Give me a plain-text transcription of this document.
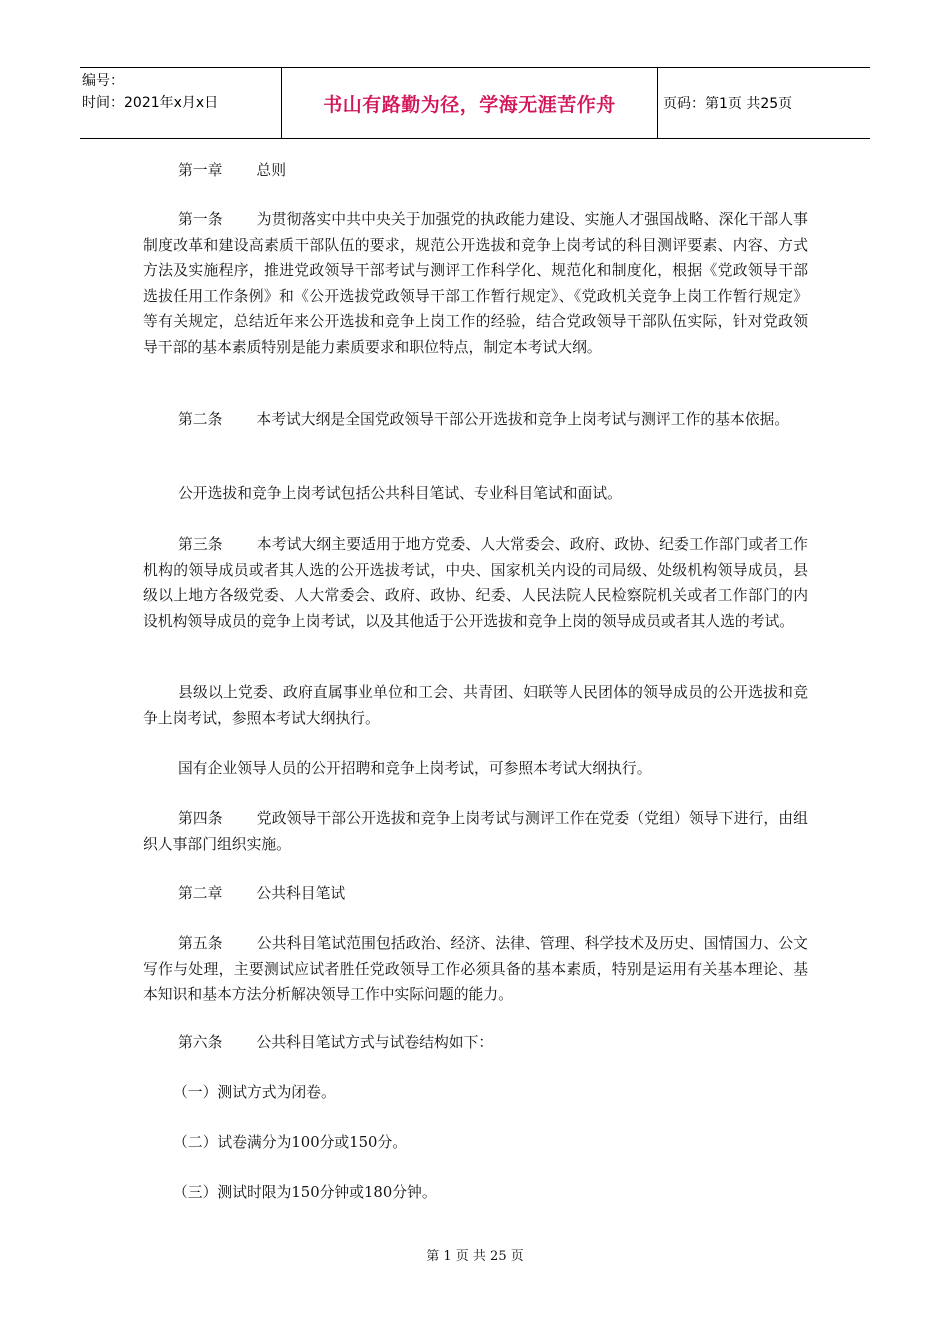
编号：
时间：2021年x月x日	书山有路勤为径，学海无涯苦作舟	页码：第1页 共25页

第一章 总则

第一条 为贯彻落实中共中央关于加强党的执政能力建设、实施人才强国战略、深化干部人事制度改革和建设高素质干部队伍的要求，规范公开选拔和竞争上岗考试的科目测评要素、内容、方式方法及实施程序，推进党政领导干部考试与测评工作科学化、规范化和制度化，根据《党政领导干部选拔任用工作条例》和《公开选拔党政领导干部工作暂行规定》、《党政机关竞争上岗工作暂行规定》等有关规定，总结近年来公开选拔和竞争上岗工作的经验，结合党政领导干部队伍实际，针对党政领导干部的基本素质特别是能力素质要求和职位特点，制定本考试大纲。

第二条 本考试大纲是全国党政领导干部公开选拔和竞争上岗考试与测评工作的基本依据。

公开选拔和竞争上岗考试包括公共科目笔试、专业科目笔试和面试。

第三条 本考试大纲主要适用于地方党委、人大常委会、政府、政协、纪委工作部门或者工作机构的领导成员或者其人选的公开选拔考试，中央、国家机关内设的司局级、处级机构领导成员，县级以上地方各级党委、人大常委会、政府、政协、纪委、人民法院人民检察院机关或者工作部门的内设机构领导成员的竞争上岗考试，以及其他适于公开选拔和竞争上岗的领导成员或者其人选的考试。

县级以上党委、政府直属事业单位和工会、共青团、妇联等人民团体的领导成员的公开选拔和竞争上岗考试，参照本考试大纲执行。

国有企业领导人员的公开招聘和竞争上岗考试，可参照本考试大纲执行。

第四条 党政领导干部公开选拔和竞争上岗考试与测评工作在党委（党组）领导下进行，由组织人事部门组织实施。

第二章 公共科目笔试

第五条 公共科目笔试范围包括政治、经济、法律、管理、科学技术及历史、国情国力、公文写作与处理，主要测试应试者胜任党政领导工作必须具备的基本素质，特别是运用有关基本理论、基本知识和基本方法分析解决领导工作中实际问题的能力。

第六条 公共科目笔试方式与试卷结构如下：

（一）测试方式为闭卷。

（二）试卷满分为100分或150分。

（三）测试时限为150分钟或180分钟。

第 1 页 共 25 页
